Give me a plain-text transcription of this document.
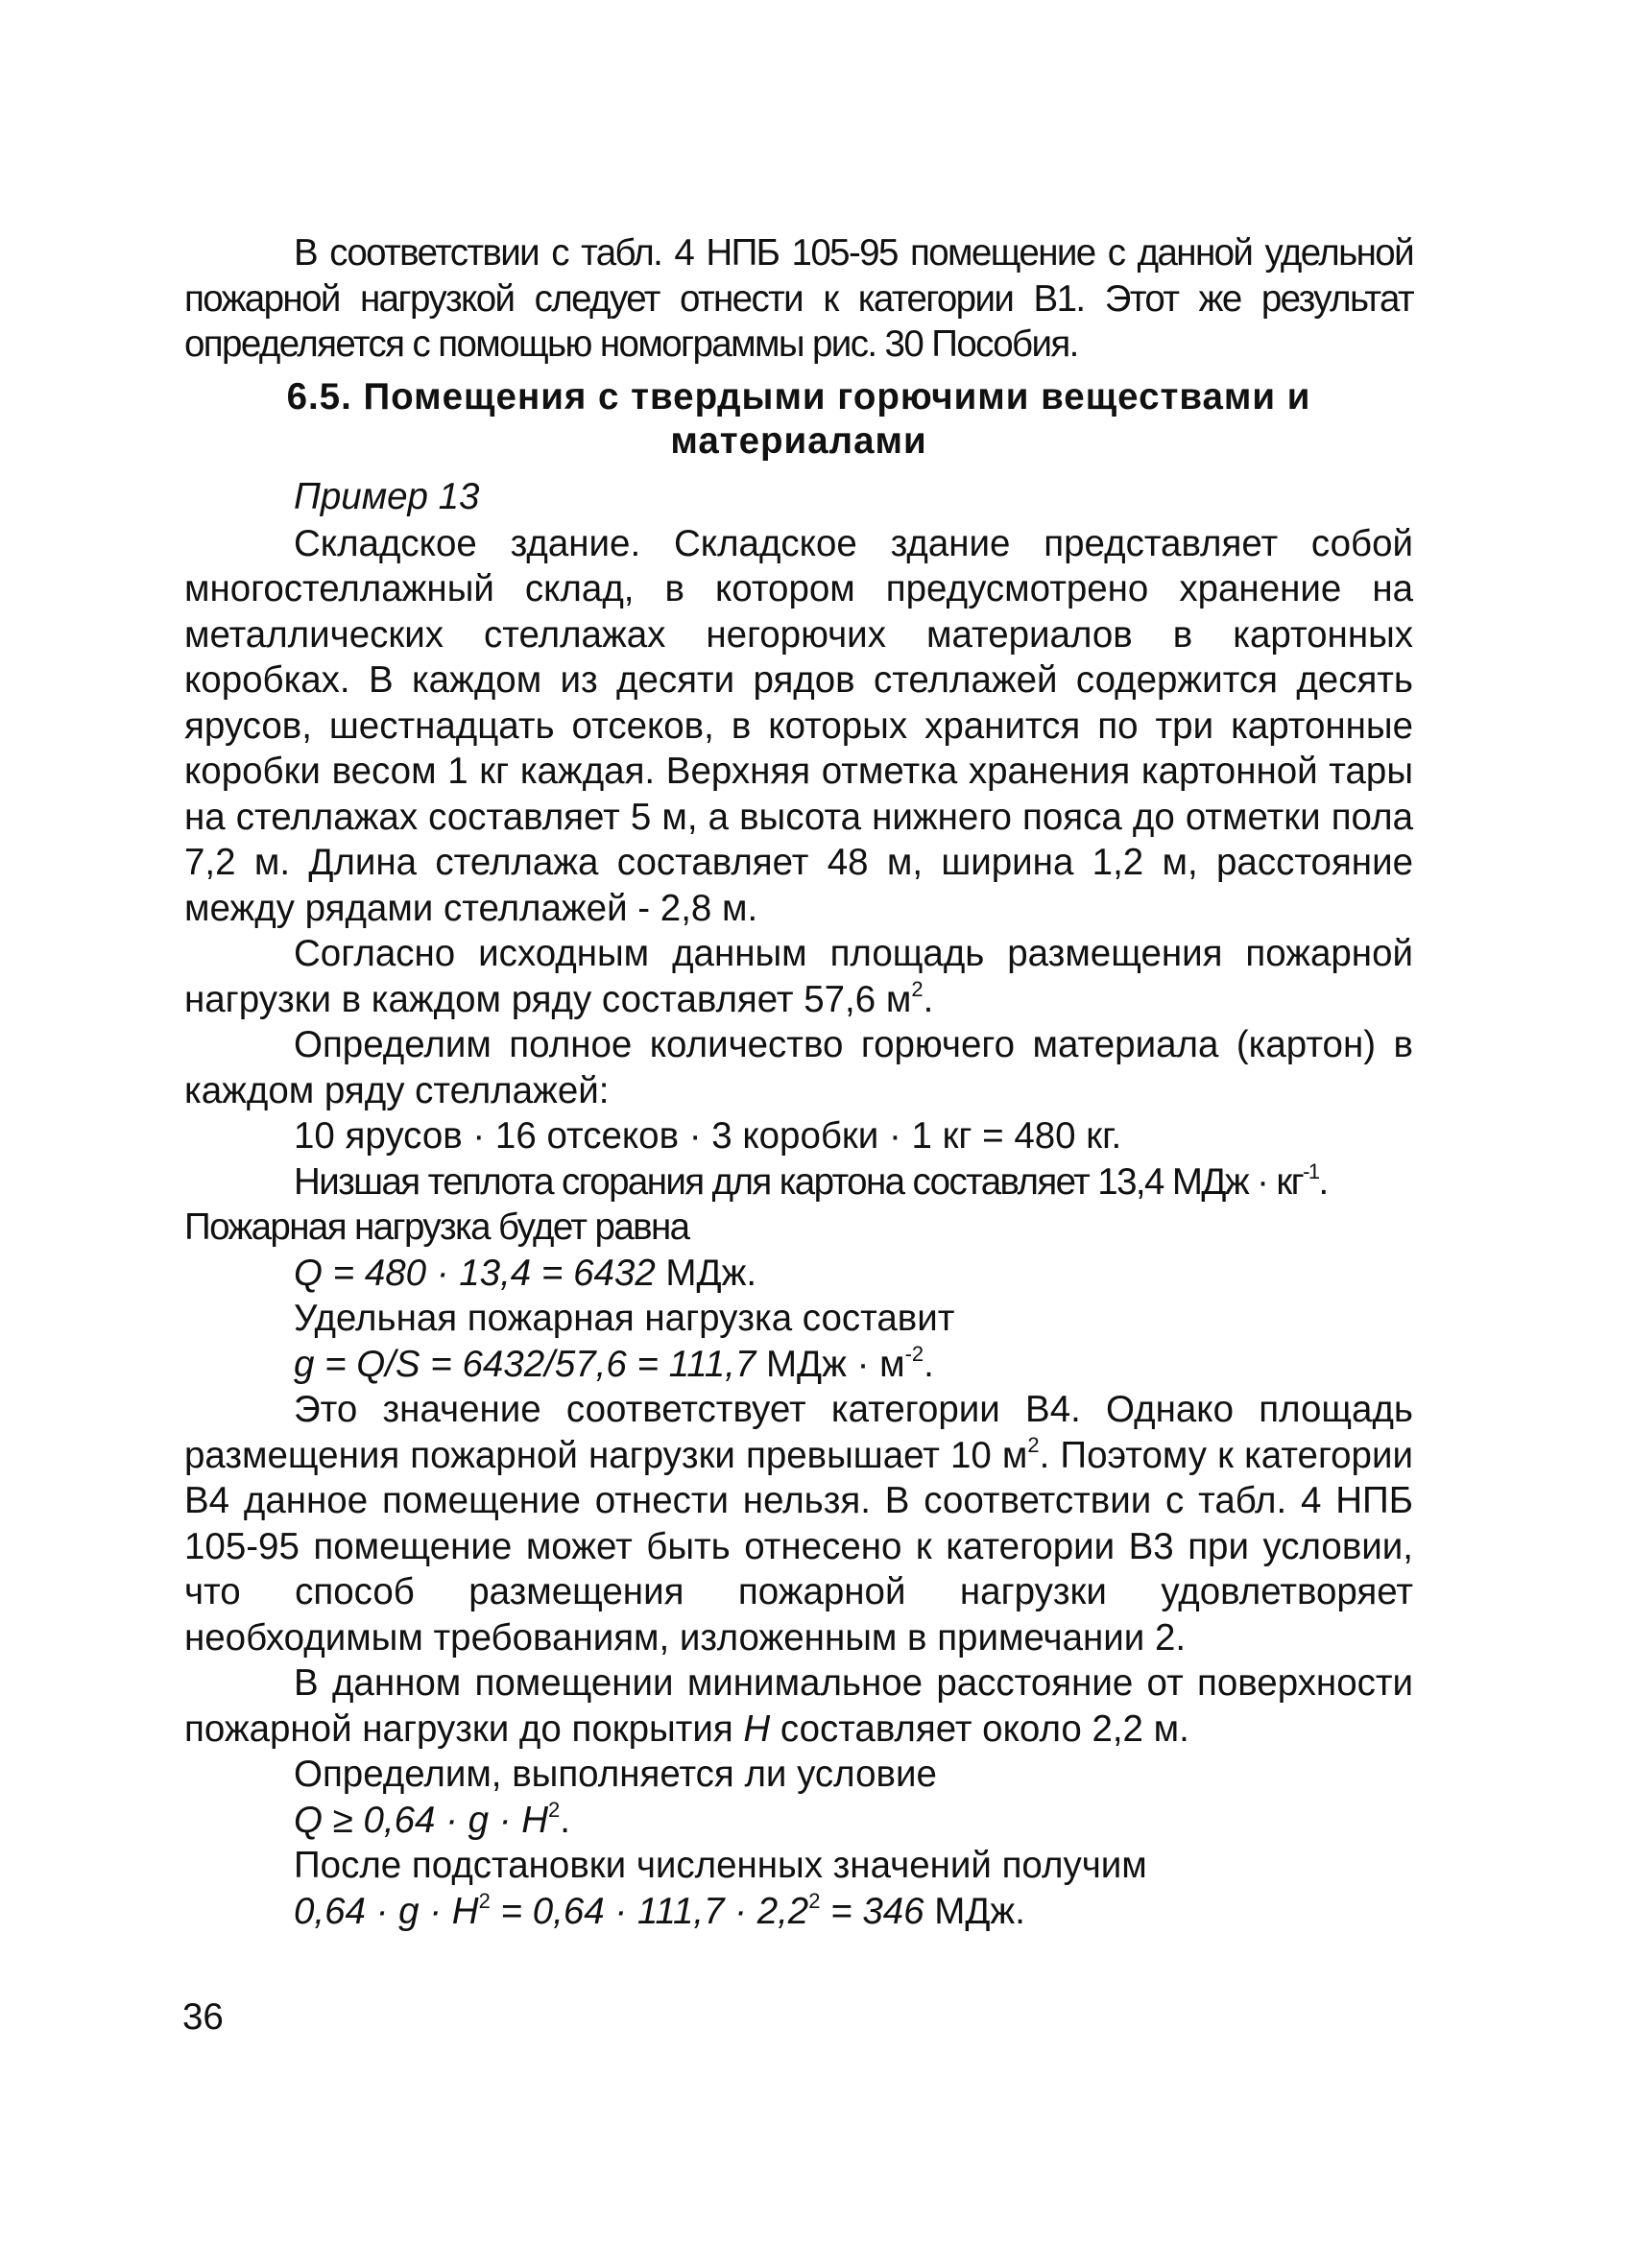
В соответствии с табл. 4 НПБ 105-95 помещение с данной удельной пожарной нагрузкой следует отнести к категории В1. Этот же результат определяется с помощью номограммы рис. 30 Пособия.

6.5. Помещения с твердыми горючими веществами и материалами

Пример 13

Складское здание. Складское здание представляет собой многостеллажный склад, в котором предусмотрено хранение на металлических стеллажах негорючих материалов в картонных коробках. В каждом из десяти рядов стеллажей содержится десять ярусов, шестнадцать отсеков, в которых хранится по три картонные коробки весом 1 кг каждая. Верхняя отметка хранения картонной тары на стеллажах составляет 5 м, а высота нижнего пояса до отметки пола 7,2 м. Длина стеллажа составляет 48 м, ширина 1,2 м, расстояние между рядами стеллажей - 2,8 м.

Согласно исходным данным площадь размещения пожарной нагрузки в каждом ряду составляет 57,6 $м^2$.

Определим полное количество горючего материала (картон) в каждом ряду стеллажей:

10 ярусов · 16 отсеков · 3 коробки · 1 кг = 480 кг.

Низшая теплота сгорания для картона составляет 13,4 МДж · $кг^{-1}$.

Пожарная нагрузка будет равна

Q = 480 · 13,4 = 6432 МДж.

Удельная пожарная нагрузка составит

g = Q/S = 6432/57,6 = 111,7 МДж · $м^{-2}$.

Это значение соответствует категории В4. Однако площадь размещения пожарной нагрузки превышает 10 $м^2$. Поэтому к категории В4 данное помещение отнести нельзя. В соответствии с табл. 4 НПБ 105-95 помещение может быть отнесено к категории В3 при условии, что способ размещения пожарной нагрузки удовлетворяет необходимым требованиям, изложенным в примечании 2.

В данном помещении минимальное расстояние от поверхности пожарной нагрузки до покрытия H составляет около 2,2 м.

Определим, выполняется ли условие

$Q \ge 0,64 \cdot g \cdot H^2$.

После подстановки численных значений получим

$0,64 \cdot g \cdot H^2 = 0,64 \cdot 111,7 \cdot 2,2^2 = 346$ МДж.

36
